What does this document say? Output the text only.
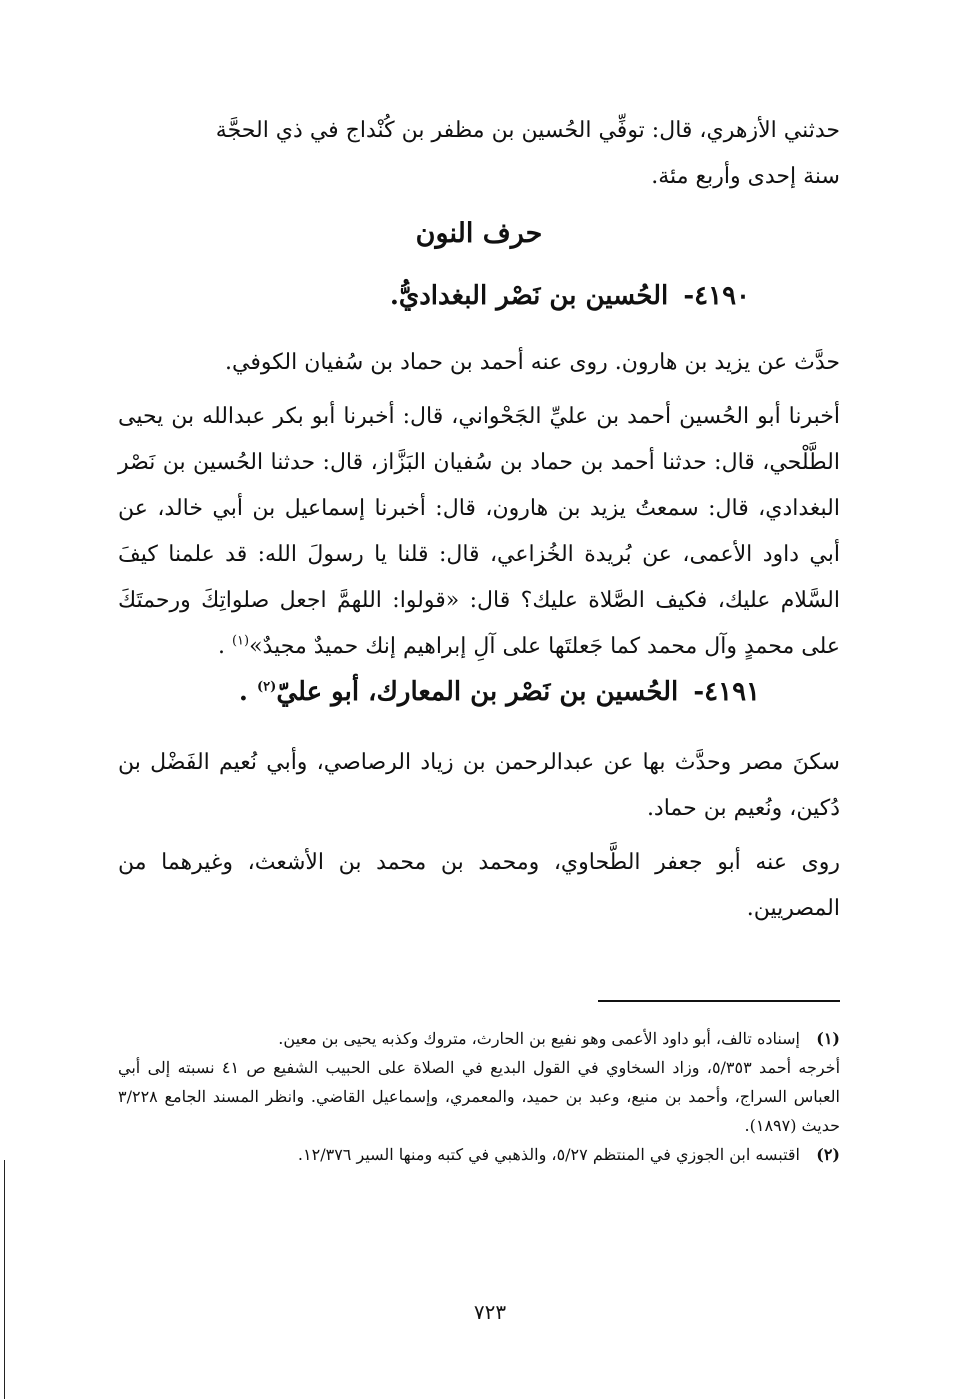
حدثني الأزهري، قال: توفِّي الحُسين بن مظفر بن كُنْداج في ذي الحجَّة
سنة إحدى وأربع مئة.

حرف النون
٤١٩٠- الحُسين بن نَصْر البغداديُّ.

حدَّث عن يزيد بن هارون. روى عنه أحمد بن حماد بن سُفيان الكوفي.

أخبرنا أبو الحُسين أحمد بن عليِّ الجَحْواني، قال: أخبرنا أبو بكر عبدالله بن يحيى الطَّلْحي، قال: حدثنا أحمد بن حماد بن سُفيان البَزَّاز، قال: حدثنا الحُسين بن نَصْر البغدادي، قال: سمعتُ يزيد بن هارون، قال: أخبرنا إسماعيل بن أبي خالد، عن أبي داود الأعمى، عن بُريدة الخُزاعي، قال: قلنا يا رسولَ الله: قد علمنا كيفَ السَّلام عليك، فكيف الصَّلاة عليك؟ قال: «قولوا: اللهمَّ اجعل صلواتِكَ ورحمتَكَ على محمدٍ وآل محمد كما جَعلتَها على آلِ إبراهيم إنك حميدٌ مجيدٌ»$^{(١)}$ .

٤١٩١- الحُسين بن نَصْر بن المعارك، أبو عليّ$^{(٢)}$ .

سكنَ مصر وحدَّث بها عن عبدالرحمن بن زياد الرصاصي، وأبي نُعيم الفَضْل بن دُكين، ونُعيم بن حماد.

روى عنه أبو جعفر الطَّحاوي، ومحمد بن محمد بن الأشعث، وغيرهما من المصريين.

(١)إسناده تالف، أبو داود الأعمى وهو نفيع بن الحارث، متروك وكذبه يحيى بن معين.
أخرجه أحمد ٥/٣٥٣، وزاد السخاوي في القول البديع في الصلاة على الحبيب الشفيع ص ٤١ نسبته إلى أبي العباس السراج، وأحمد بن منيع، وعبد بن حميد، والمعمري، وإسماعيل القاضي. وانظر المسند الجامع ٣/٢٢٨ حديث (١٨٩٧).

(٢)اقتبسه ابن الجوزي في المنتظم ٥/٢٧، والذهبي في كتبه ومنها السير ١٢/٣٧٦.

٧٢٣
